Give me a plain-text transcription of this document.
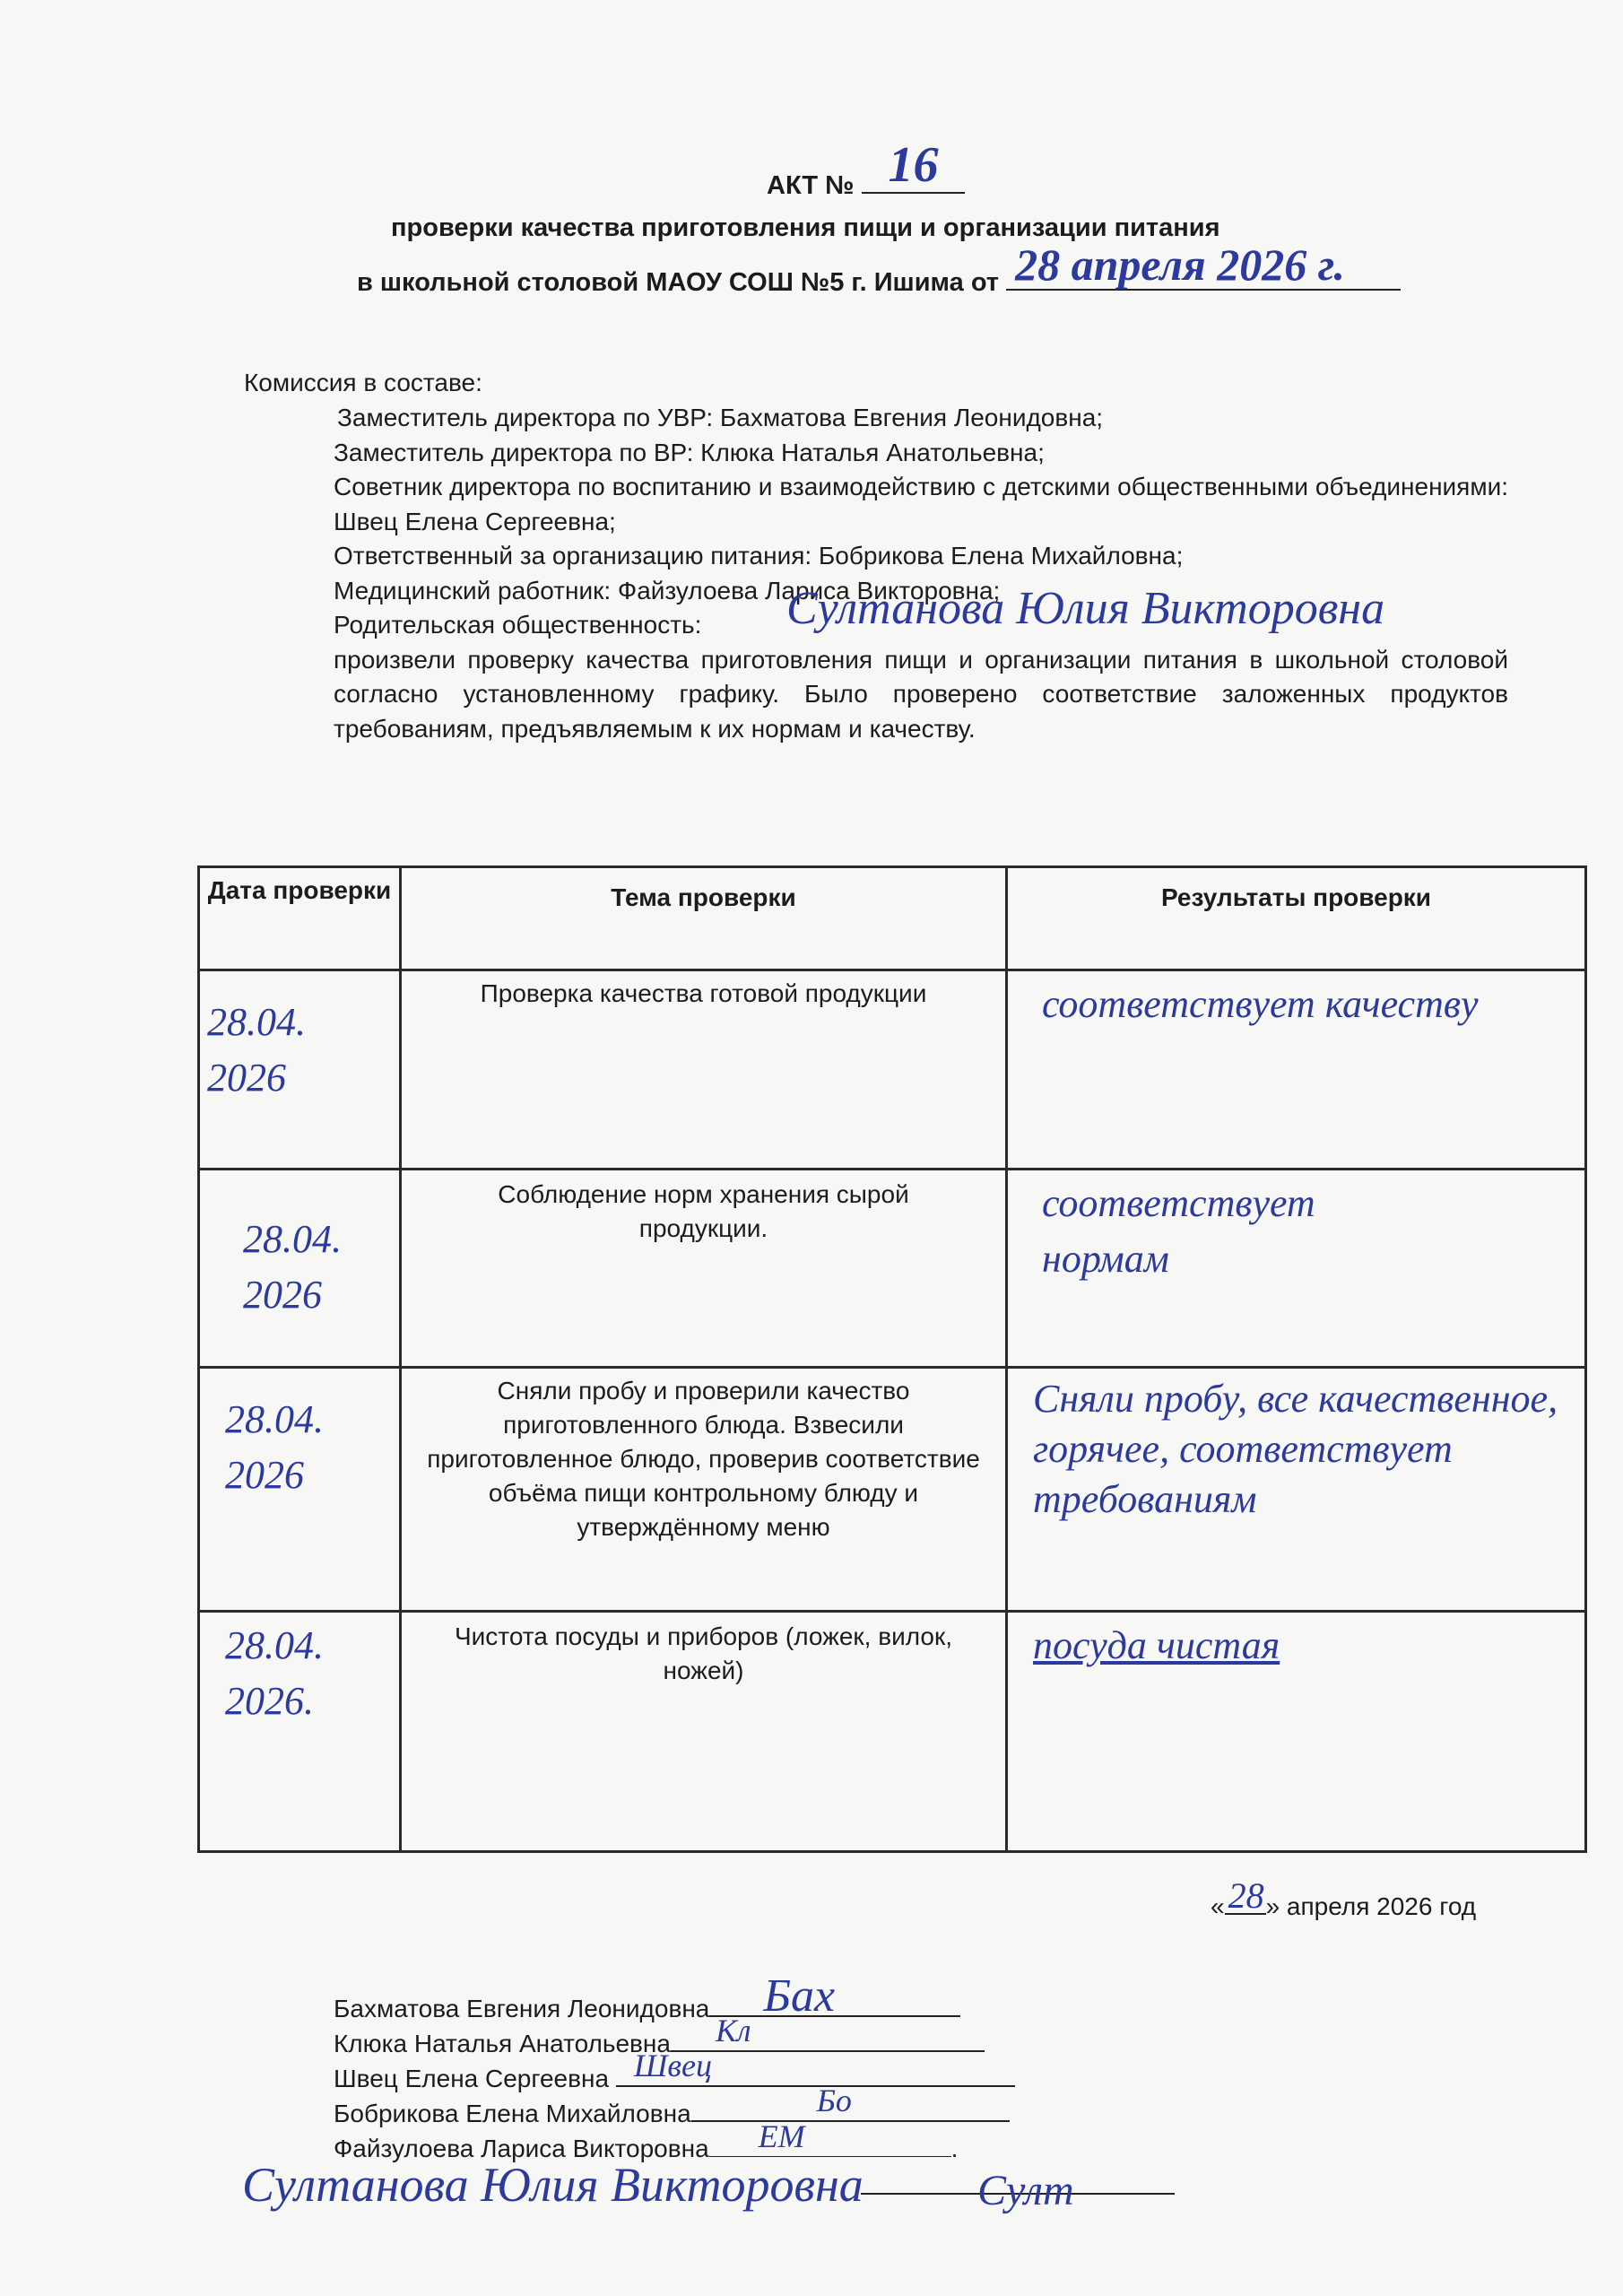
АКТ № 16
проверки качества приготовления пищи и организации питания
в школьной столовой МАОУ СОШ №5 г. Ишима от 28 апреля 2026 г.
Комиссия в составе:

Заместитель директора по УВР: Бахматова Евгения Леонидовна;

Заместитель директора по ВР: Клюка Наталья Анатольевна;

Советник директора по воспитанию и взаимодействию с детскими общественными объединениями: Швец Елена Сергеевна;

Ответственный за организацию питания: Бобрикова Елена Михайловна;

Медицинский работник: Файзулоева Лариса Викторовна;

Родительская общественность: Султанова Юлия Викторовна

произвели проверку качества приготовления пищи и организации питания в школьной столовой согласно установленному графику. Было проверено соответствие заложенных продуктов требованиям, предъявляемым к их нормам и качеству.

Дата проверки	Тема проверки	Результаты проверки

28.04. 2026	Проверка качества готовой продукции	соответствует качеству

28.04. 2026	Соблюдение норм хранения сырой продукции.	соответствует нормам

28.04. 2026	Сняли пробу и проверили качество приготовленного блюда. Взвесили приготовленное блюдо, проверив соответствие объёма пищи контрольному блюду и утверждённому меню	Сняли пробу, все качественное, горячее, соответствует требованиям

28.04. 2026.	Чистота посуды и приборов (ложек, вилок, ножей)	посуда чистая
« 28 » апреля 2026 год
Бахматова Евгения Леонидовна Бах
Клюка Наталья Анатольевна Кл
Швец Елена Сергеевна Швец
Бобрикова Елена Михайловна	Бо
Файзулоева Лариса Викторовна ЕМ	.
Султанова Юлия Викторовна	Султ
